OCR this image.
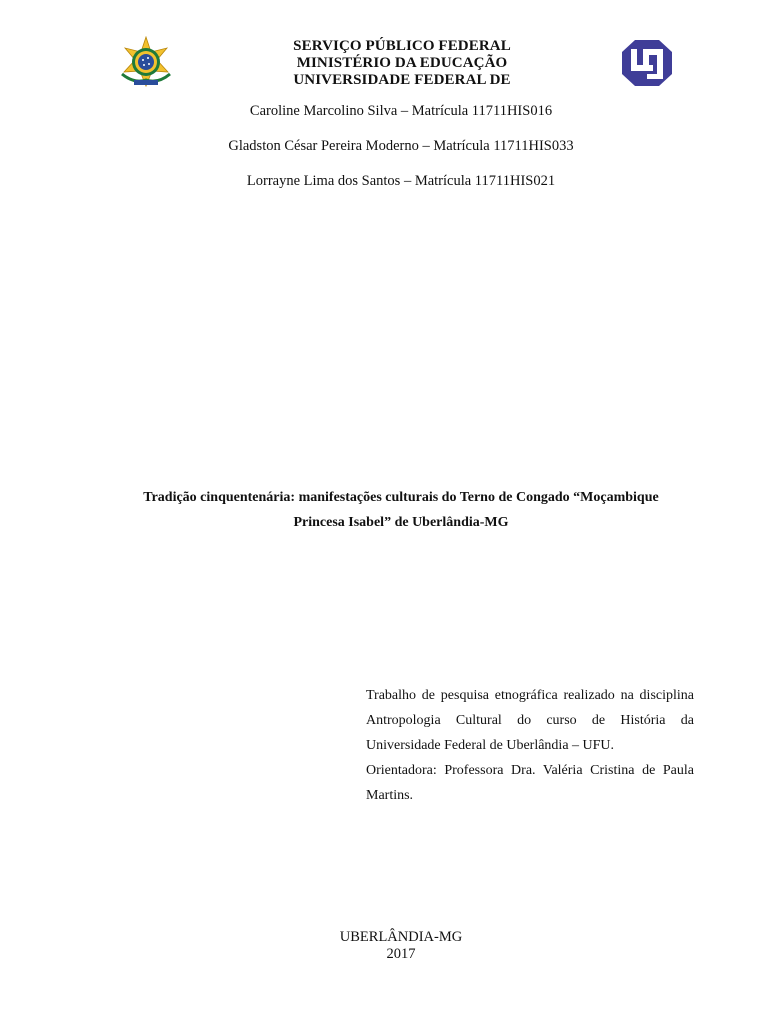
SERVIÇO PÚBLICO FEDERAL
MINISTÉRIO DA EDUCAÇÃO
UNIVERSIDADE FEDERAL DE
Caroline Marcolino Silva – Matrícula 11711HIS016
Gladston César Pereira Moderno – Matrícula 11711HIS033
Lorrayne Lima dos Santos – Matrícula 11711HIS021
Tradição cinquentenária: manifestações culturais do Terno de Congado “Moçambique
Princesa Isabel” de Uberlândia-MG
Trabalho de pesquisa etnográfica realizado na disciplina Antropologia Cultural do curso de História da Universidade Federal de Uberlândia – UFU.
Orientadora: Professora Dra. Valéria Cristina de Paula Martins.
UBERLÂNDIA-MG
2017
